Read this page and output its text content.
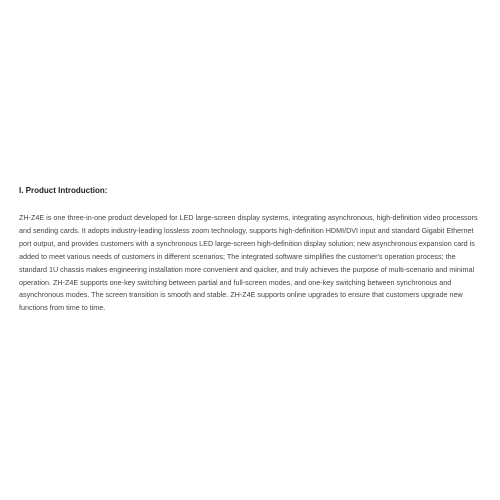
I. Product Introduction:

ZH-Z4E is one three-in-one product developed for LED large-screen display systems, integrating asynchronous, high-definition video processors and sending cards. It adopts industry-leading lossless zoom technology, supports high-definition HDMI/DVI input and standard Gigabit Ethernet port output, and provides customers with a synchronous LED large-screen high-definition display solution; new asynchronous expansion card is added to meet various needs of customers in different scenarios; The integrated software simplifies the customer's operation process; the standard 1U chassis makes engineering installation more convenient and quicker, and truly achieves the purpose of multi-scenario and minimal operation. ZH-Z4E supports one-key switching between partial and full-screen modes, and one-key switching between synchronous and asynchronous modes. The screen transition is smooth and stable. ZH-Z4E supports online upgrades to ensure that customers upgrade new functions from time to time.
